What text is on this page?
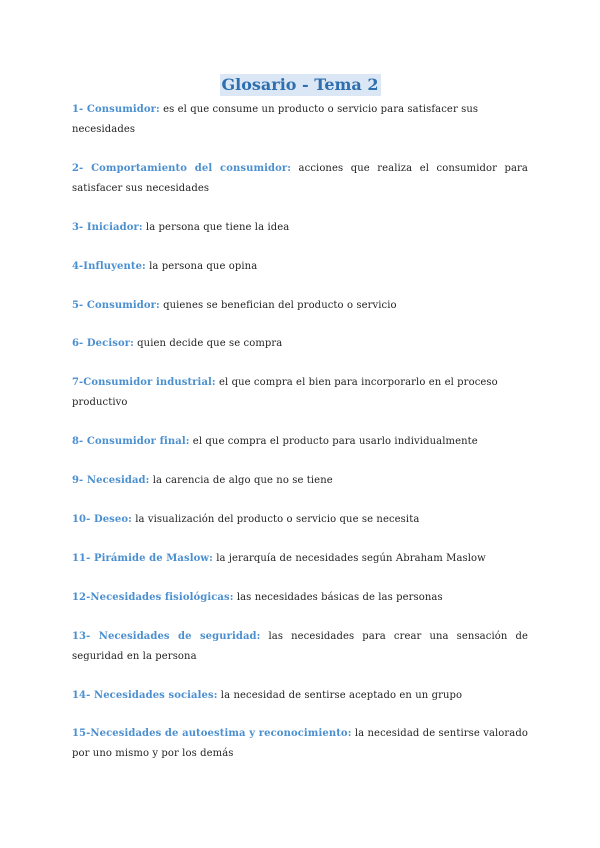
Glosario - Tema 2

1- Consumidor: es el que consume un producto o servicio para satisfacer sus necesidades

2- Comportamiento del consumidor: acciones que realiza el consumidor para satisfacer sus necesidades

3- Iniciador: la persona que tiene la idea

4-Influyente: la persona que opina

5- Consumidor: quienes se benefician del producto o servicio

6- Decisor: quien decide que se compra

7-Consumidor industrial: el que compra el bien para incorporarlo en el proceso productivo

8- Consumidor final: el que compra el producto para usarlo individualmente

9- Necesidad: la carencia de algo que no se tiene

10- Deseo: la visualización del producto o servicio que se necesita

11- Pirámide de Maslow: la jerarquía de necesidades según Abraham Maslow

12-Necesidades fisiológicas: las necesidades básicas de las personas

13- Necesidades de seguridad: las necesidades para crear una sensación de seguridad en la persona

14- Necesidades sociales: la necesidad de sentirse aceptado en un grupo

15-Necesidades de autoestima y reconocimiento: la necesidad de sentirse valorado por uno mismo y por los demás
